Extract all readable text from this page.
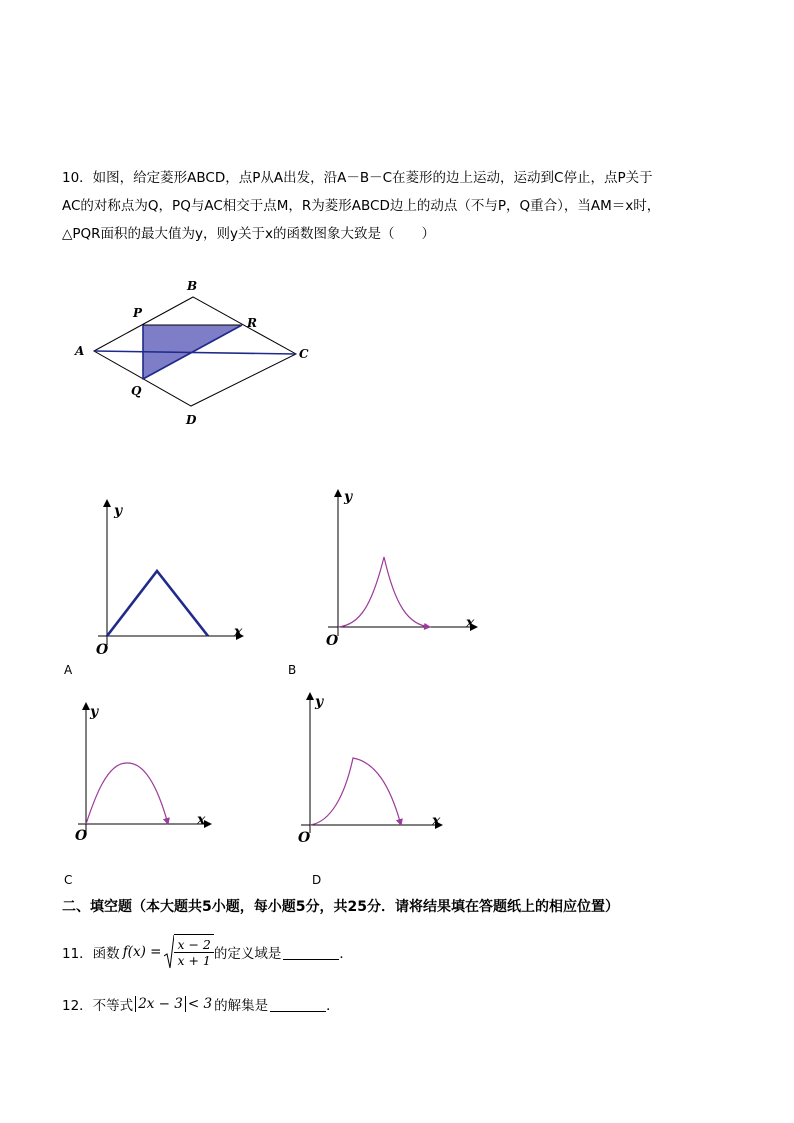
10．如图，给定菱形ABCD，点P从A出发，沿A－B－C在菱形的边上运动，运动到C停止，点P关于
AC的对称点为Q，PQ与AC相交于点M，R为菱形ABCD边上的动点（不与P，Q重合），当AM＝x时，
△PQR面积的最大值为y，则y关于x的函数图象大致是（　　）
A
B
C
D
P
Q
R
y
x
O
A
y
x
O
B
y
x
O
C
y
x
O
D
二、填空题（本大题共5小题，每小题5分，共25分．请将结果填在答题纸上的相应位置）
11．函数 $f(x) = \frac{x - 2}{x + 1}$ 的定义域是	．
12．不等式 2x − 3 < 3 的解集是	．
